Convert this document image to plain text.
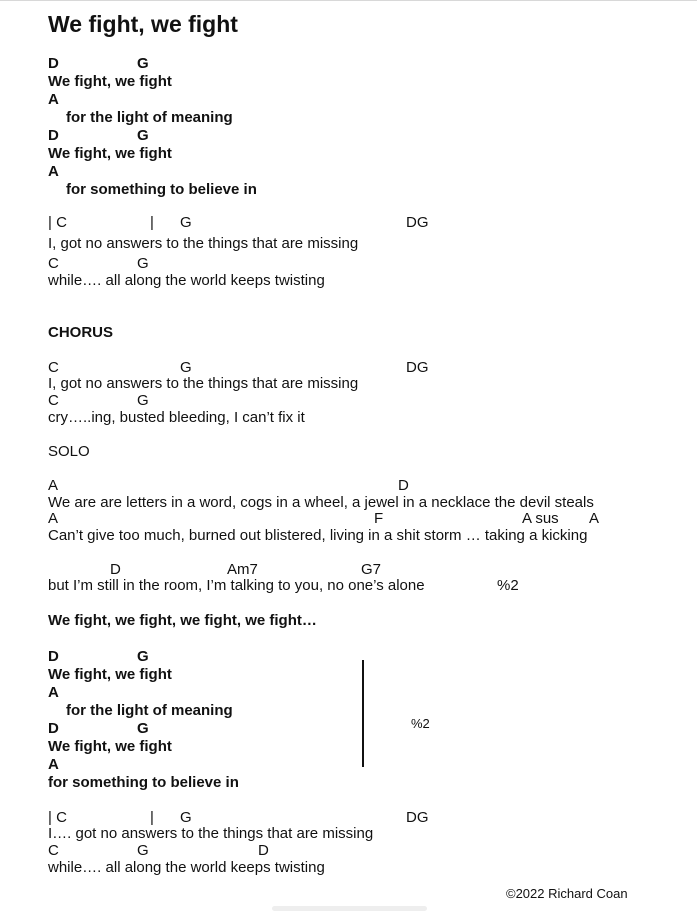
We fight, we fight
D	G
We fight, we fight
A
for the light of meaning
D	G
We fight, we fight
A
for something to believe in
| C	| G	DG
I, got no answers to the things that are missing
C	G
while…. all along the world keeps twisting
CHORUS
C	G	DG
I, got no answers to the things that are missing
C	G
cry…..ing, busted bleeding, I can’t fix it
SOLO
A	D
We are are letters in a word, cogs in a wheel, a jewel in a necklace the devil steals
A	F	A sus A
Can’t give too much, burned out blistered, living in a shit storm … taking a kicking
D	Am7	G7
but I’m still in the room, I’m talking to you, no one’s alone	%2
We fight, we fight, we fight, we fight…
D	G
We fight, we fight
A
for the light of meaning
D	G
We fight, we fight
A
for something to believe in
%2
| C	| G	DG
I…. got no answers to the things that are missing
C	G	D
while…. all along the world keeps twisting
©2022 Richard Coan
